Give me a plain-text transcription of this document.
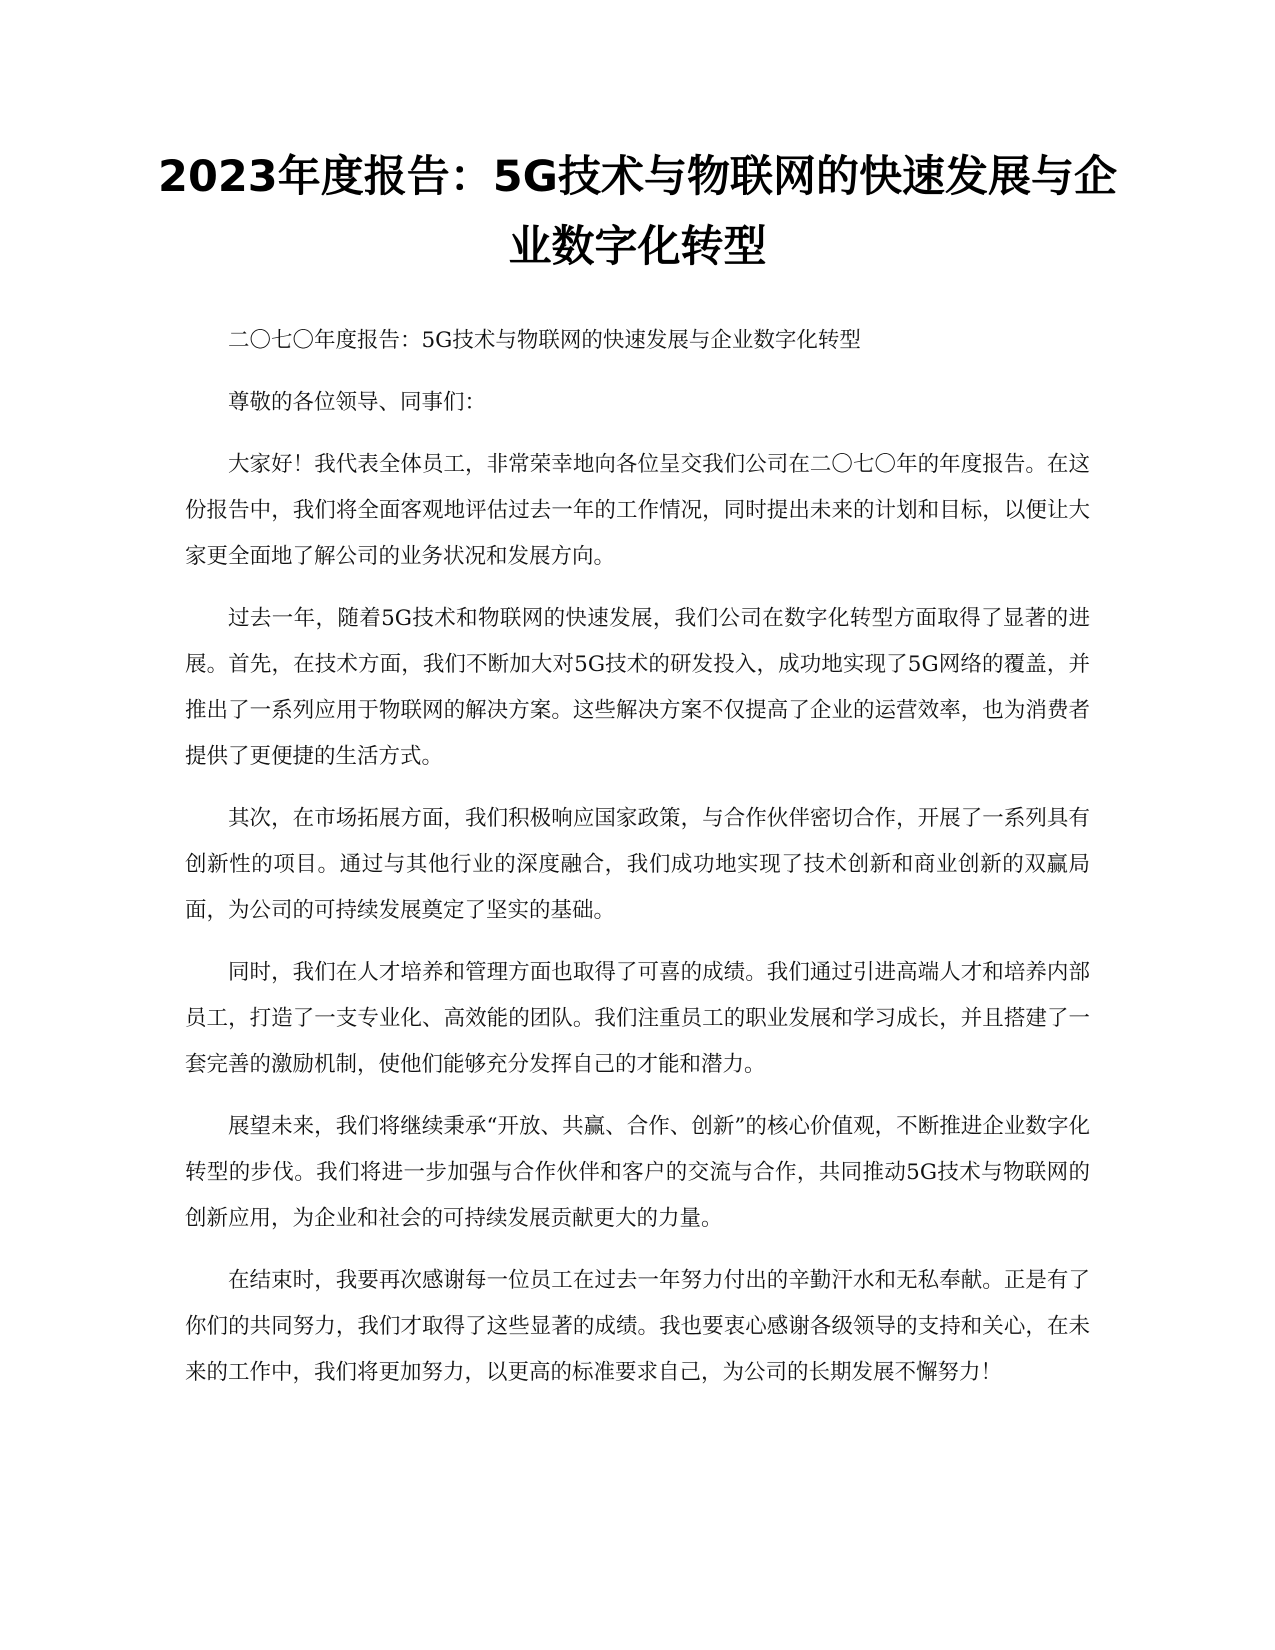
2023年度报告：5G技术与物联网的快速发展与企业数字化转型

二〇七〇年度报告：5G技术与物联网的快速发展与企业数字化转型

尊敬的各位领导、同事们：

大家好！我代表全体员工，非常荣幸地向各位呈交我们公司在二〇七〇年的年度报告。在这份报告中，我们将全面客观地评估过去一年的工作情况，同时提出未来的计划和目标，以便让大家更全面地了解公司的业务状况和发展方向。

过去一年，随着5G技术和物联网的快速发展，我们公司在数字化转型方面取得了显著的进展。首先，在技术方面，我们不断加大对5G技术的研发投入，成功地实现了5G网络的覆盖，并推出了一系列应用于物联网的解决方案。这些解决方案不仅提高了企业的运营效率，也为消费者提供了更便捷的生活方式。

其次，在市场拓展方面，我们积极响应国家政策，与合作伙伴密切合作，开展了一系列具有创新性的项目。通过与其他行业的深度融合，我们成功地实现了技术创新和商业创新的双赢局面，为公司的可持续发展奠定了坚实的基础。

同时，我们在人才培养和管理方面也取得了可喜的成绩。我们通过引进高端人才和培养内部员工，打造了一支专业化、高效能的团队。我们注重员工的职业发展和学习成长，并且搭建了一套完善的激励机制，使他们能够充分发挥自己的才能和潜力。

展望未来，我们将继续秉承“开放、共赢、合作、创新”的核心价值观，不断推进企业数字化转型的步伐。我们将进一步加强与合作伙伴和客户的交流与合作，共同推动5G技术与物联网的创新应用，为企业和社会的可持续发展贡献更大的力量。

在结束时，我要再次感谢每一位员工在过去一年努力付出的辛勤汗水和无私奉献。正是有了你们的共同努力，我们才取得了这些显著的成绩。我也要衷心感谢各级领导的支持和关心，在未来的工作中，我们将更加努力，以更高的标准要求自己，为公司的长期发展不懈努力！
